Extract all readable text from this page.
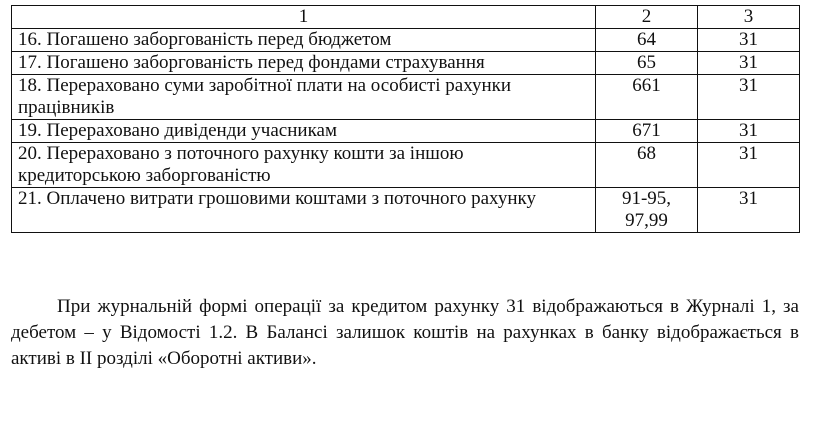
1	2	3
16. Погашено заборгованість перед бюджетом	64	31
17. Погашено заборгованість перед фондами страхування	65	31
18. Перераховано суми заробітної плати на особисті рахунки працівників	661	31
19. Перераховано дивіденди учасникам	671	31
20. Перераховано з поточного рахунку кошти за іншою кредиторською заборгованістю	68	31
21. Оплачено витрати грошовими коштами з поточного рахунку	91-95, 97,99	31

При журнальній формі операції за кредитом рахунку 31 відображаються в Журналі 1, за дебетом – у Відомості 1.2. В Балансі залишок коштів на рахунках в банку відображається в активі в ІІ розділі «Оборотні активи».
